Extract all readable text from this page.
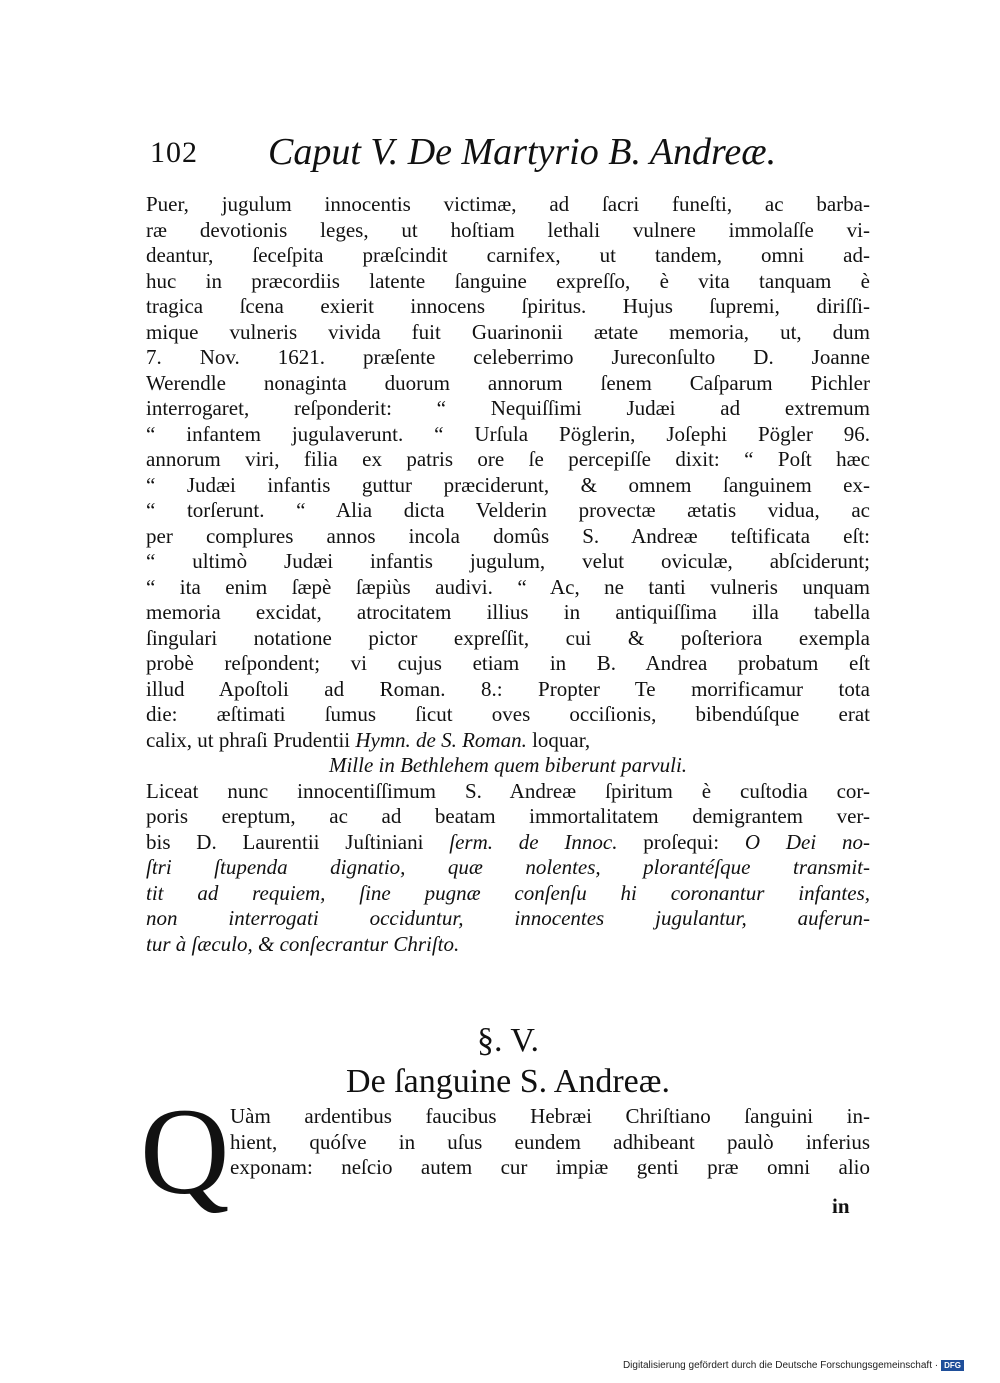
102 Caput V. De Martyrio B. Andreæ.
Puer, jugulum innocentis victimæ, ad ſacri funeſti, ac barba-
ræ devotionis leges, ut hoſtiam lethali vulnere immolaſſe vi-
deantur, ſeceſpita præſcindit carnifex, ut tandem, omni ad-
huc in præcordiis latente ſanguine expreſſo, è vita tanquam è
tragica ſcena exierit innocens ſpiritus. Hujus ſupremi, diriſſi-
mique vulneris vivida fuit Guarinonii ætate memoria, ut, dum
7. Nov. 1621. præſente celeberrimo Jureconſulto D. Joanne
Werendle nonaginta duorum annorum ſenem Caſparum Pichler
interrogaret, reſponderit: “ Nequiſſimi Judæi ad extremum
“ infantem jugulaverunt. “ Urſula Pöglerin, Joſephi Pögler 96.
annorum viri, filia ex patris ore ſe percepiſſe dixit: “ Poſt hæc
“ Judæi infantis guttur præciderunt, & omnem ſanguinem ex-
“ torſerunt. “ Alia dicta Velderin provectæ ætatis vidua, ac
per complures annos incola domûs S. Andreæ teſtificata eſt:
“ ultimò Judæi infantis jugulum, velut oviculæ, abſciderunt;
“ ita enim ſæpè ſæpiùs audivi. “ Ac, ne tanti vulneris unquam
memoria excidat, atrocitatem illius in antiquiſſima illa tabella
ſingulari notatione pictor expreſſit, cui & poſteriora exempla
probè reſpondent; vi cujus etiam in B. Andrea probatum eſt
illud Apoſtoli ad Roman. 8.: Propter Te morrificamur tota
die: æſtimati ſumus ſicut oves occiſionis, bibendúſque erat
calix, ut phraſi Prudentii Hymn. de S. Roman. loquar,
Mille in Bethlehem quem biberunt parvuli.
Liceat nunc innocentiſſimum S. Andreæ ſpiritum è cuſtodia cor-
poris ereptum, ac ad beatam immortalitatem demigrantem ver-
bis D. Laurentii Juſtiniani ſerm. de Innoc. proſequi: O Dei no-
ſtri ſtupenda dignatio, quæ nolentes, plorantéſque transmit-
tit ad requiem, ſine pugnæ conſenſu hi coronantur infantes,
non interrogati occiduntur, innocentes jugulantur, auferun-
tur à ſæculo, & conſecrantur Chriſto.
§. V.
De ſanguine S. Andreæ.
Q Uàm ardentibus faucibus Hebræi Chriſtiano ſanguini in-
hient, quóſve in uſus eundem adhibeant paulò inferius
exponam: neſcio autem cur impiæ genti præ omni alio
in
Digitalisierung gefördert durch die Deutsche Forschungsgemeinschaft · DFG
